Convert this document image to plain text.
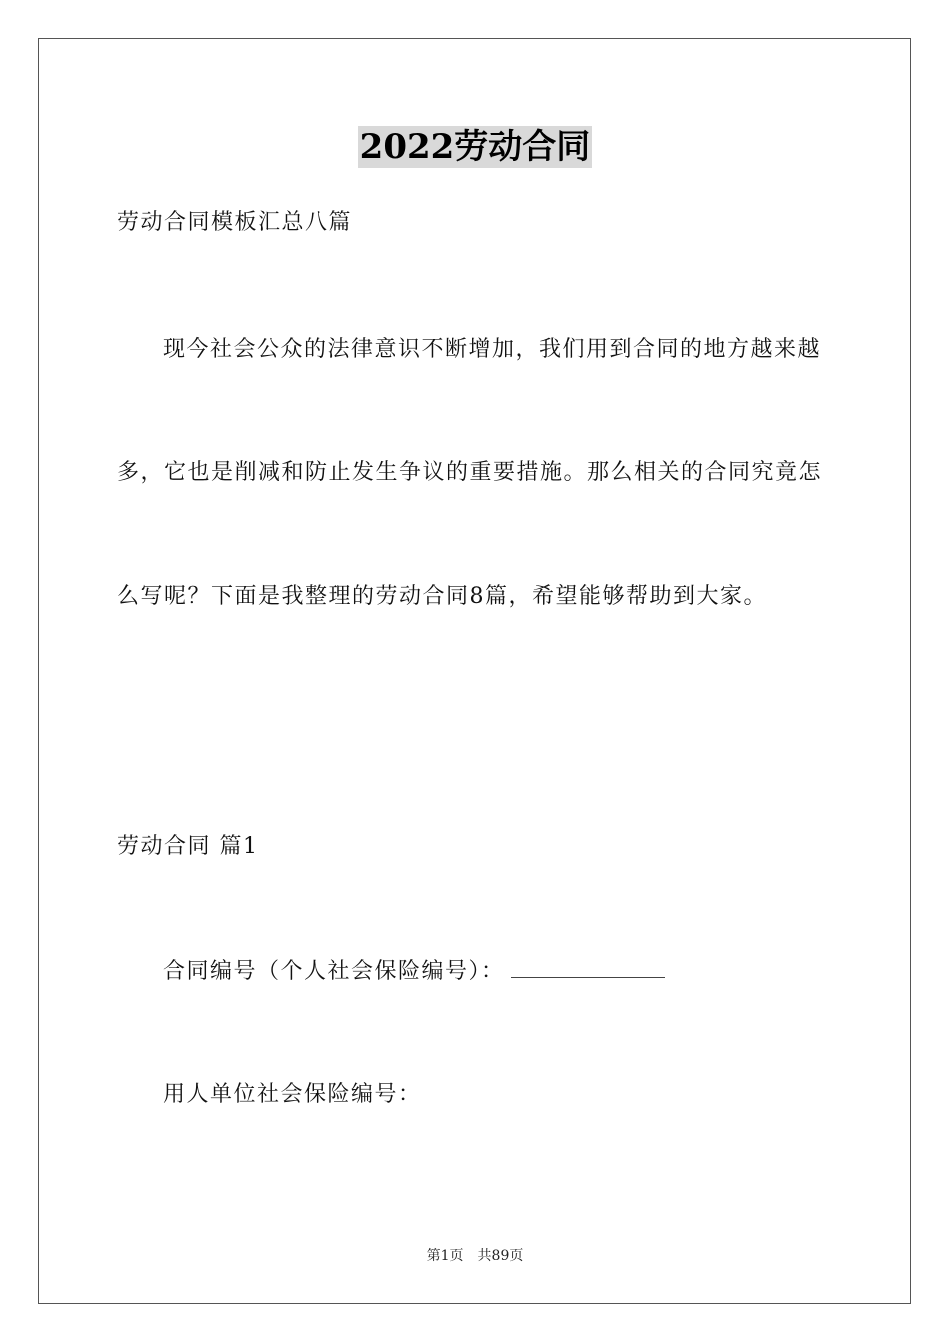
2022劳动合同
劳动合同模板汇总八篇
现今社会公众的法律意识不断增加，我们用到合同的地方越来越
多，它也是削减和防止发生争议的重要措施。那么相关的合同究竟怎
么写呢？下面是我整理的劳动合同8篇，希望能够帮助到大家。
劳动合同 篇1
合同编号（个人社会保险编号）：
用人单位社会保险编号：
第1页 共89页
